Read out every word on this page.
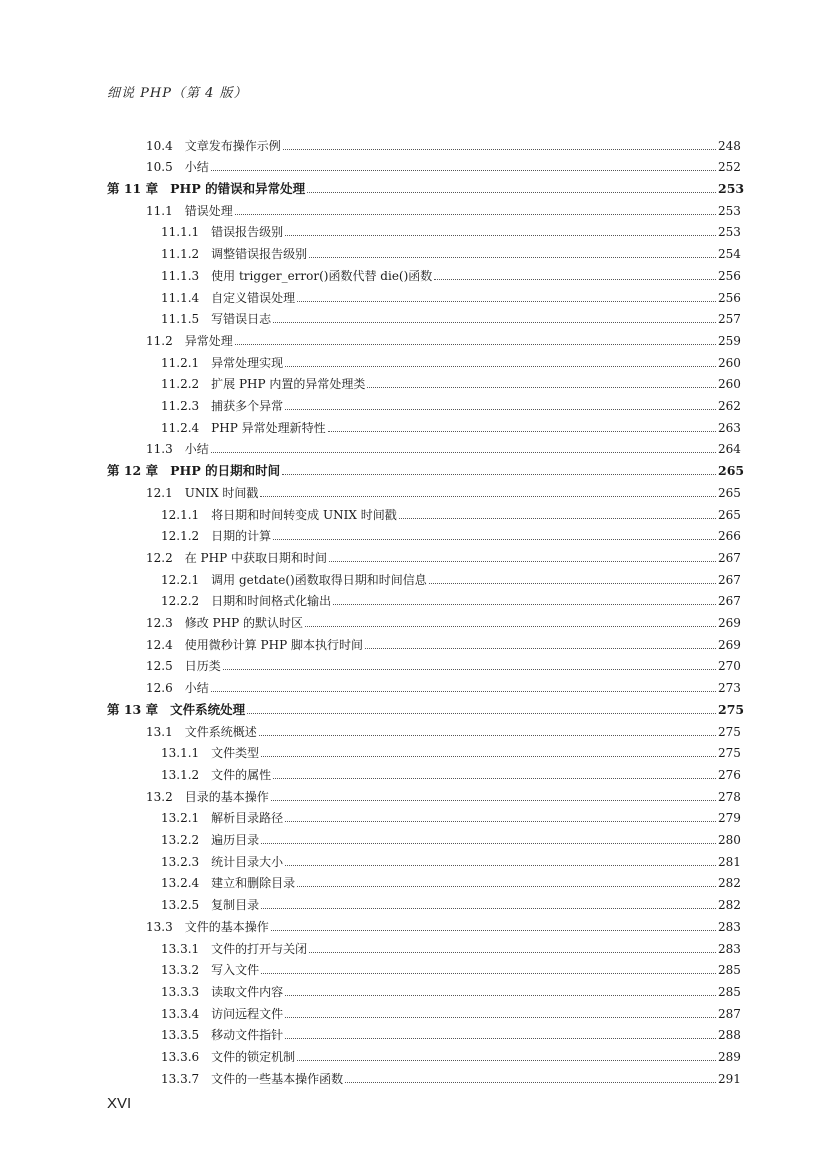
细说 PHP（第 4 版）
10.4 文章发布操作示例	248
10.5 小结	252
第 11 章 PHP 的错误和异常处理	253
11.1 错误处理	253
11.1.1 错误报告级别	253
11.1.2 调整错误报告级别	254
11.1.3 使用 trigger_error()函数代替 die()函数	256
11.1.4 自定义错误处理	256
11.1.5 写错误日志	257
11.2 异常处理	259
11.2.1 异常处理实现	260
11.2.2 扩展 PHP 内置的异常处理类	260
11.2.3 捕获多个异常	262
11.2.4 PHP 异常处理新特性	263
11.3 小结	264
第 12 章 PHP 的日期和时间	265
12.1 UNIX 时间戳	265
12.1.1 将日期和时间转变成 UNIX 时间戳	265
12.1.2 日期的计算	266
12.2 在 PHP 中获取日期和时间	267
12.2.1 调用 getdate()函数取得日期和时间信息	267
12.2.2 日期和时间格式化输出	267
12.3 修改 PHP 的默认时区	269
12.4 使用微秒计算 PHP 脚本执行时间	269
12.5 日历类	270
12.6 小结	273
第 13 章 文件系统处理	275
13.1 文件系统概述	275
13.1.1 文件类型	275
13.1.2 文件的属性	276
13.2 目录的基本操作	278
13.2.1 解析目录路径	279
13.2.2 遍历目录	280
13.2.3 统计目录大小	281
13.2.4 建立和删除目录	282
13.2.5 复制目录	282
13.3 文件的基本操作	283
13.3.1 文件的打开与关闭	283
13.3.2 写入文件	285
13.3.3 读取文件内容	285
13.3.4 访问远程文件	287
13.3.5 移动文件指针	288
13.3.6 文件的锁定机制	289
13.3.7 文件的一些基本操作函数	291
XVI
